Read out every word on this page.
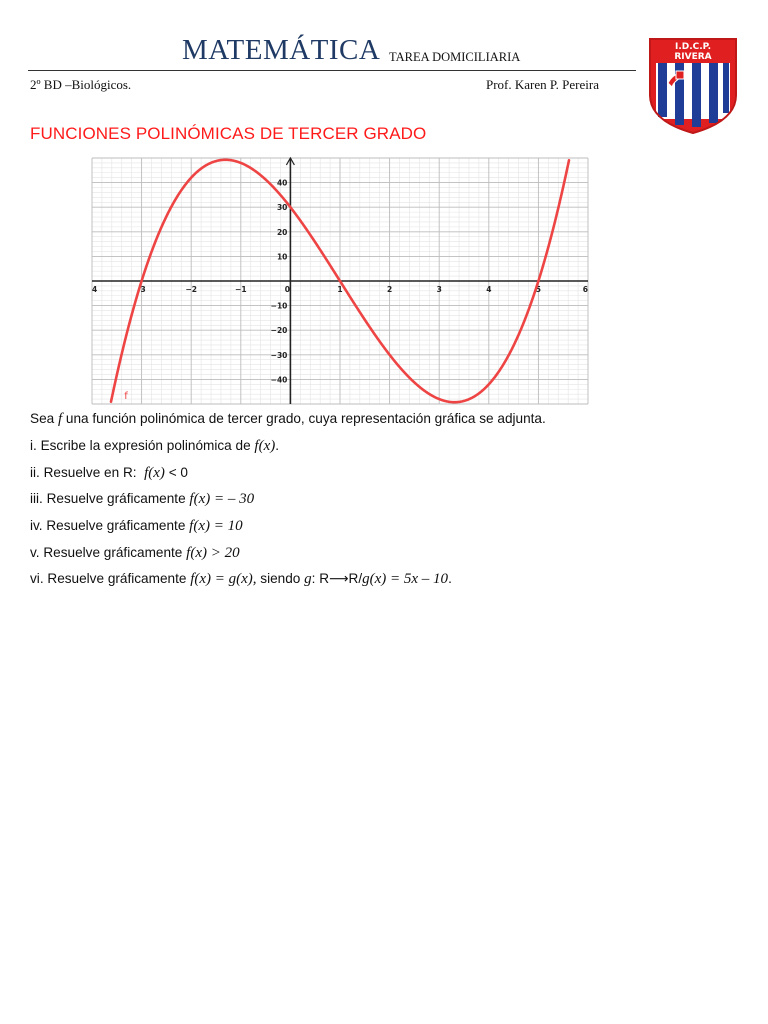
MATEMÁTICA TAREA DOMICILIARIA
2º BD –Biológicos.	Prof. Karen P. Pereira
I.D.C.P.
RIVERA
FUNCIONES POLINÓMICAS DE TERCER GRADO
4	-3	−2	−1	0	1	2	3	4	5	6
40
30
20
10
−10
−20
−30
−40
f
Sea f una función polinómica de tercer grado, cuya representación gráfica se adjunta.
i. Escribe la expresión polinómica de f(x).
ii. Resuelve en R:  f(x) < 0
iii. Resuelve gráficamente f(x) = – 30
iv. Resuelve gráficamente f(x) = 10
v. Resuelve gráficamente f(x) > 20
vi. Resuelve gráficamente f(x) = g(x), siendo g: R⟶R/g(x) = 5x – 10.
